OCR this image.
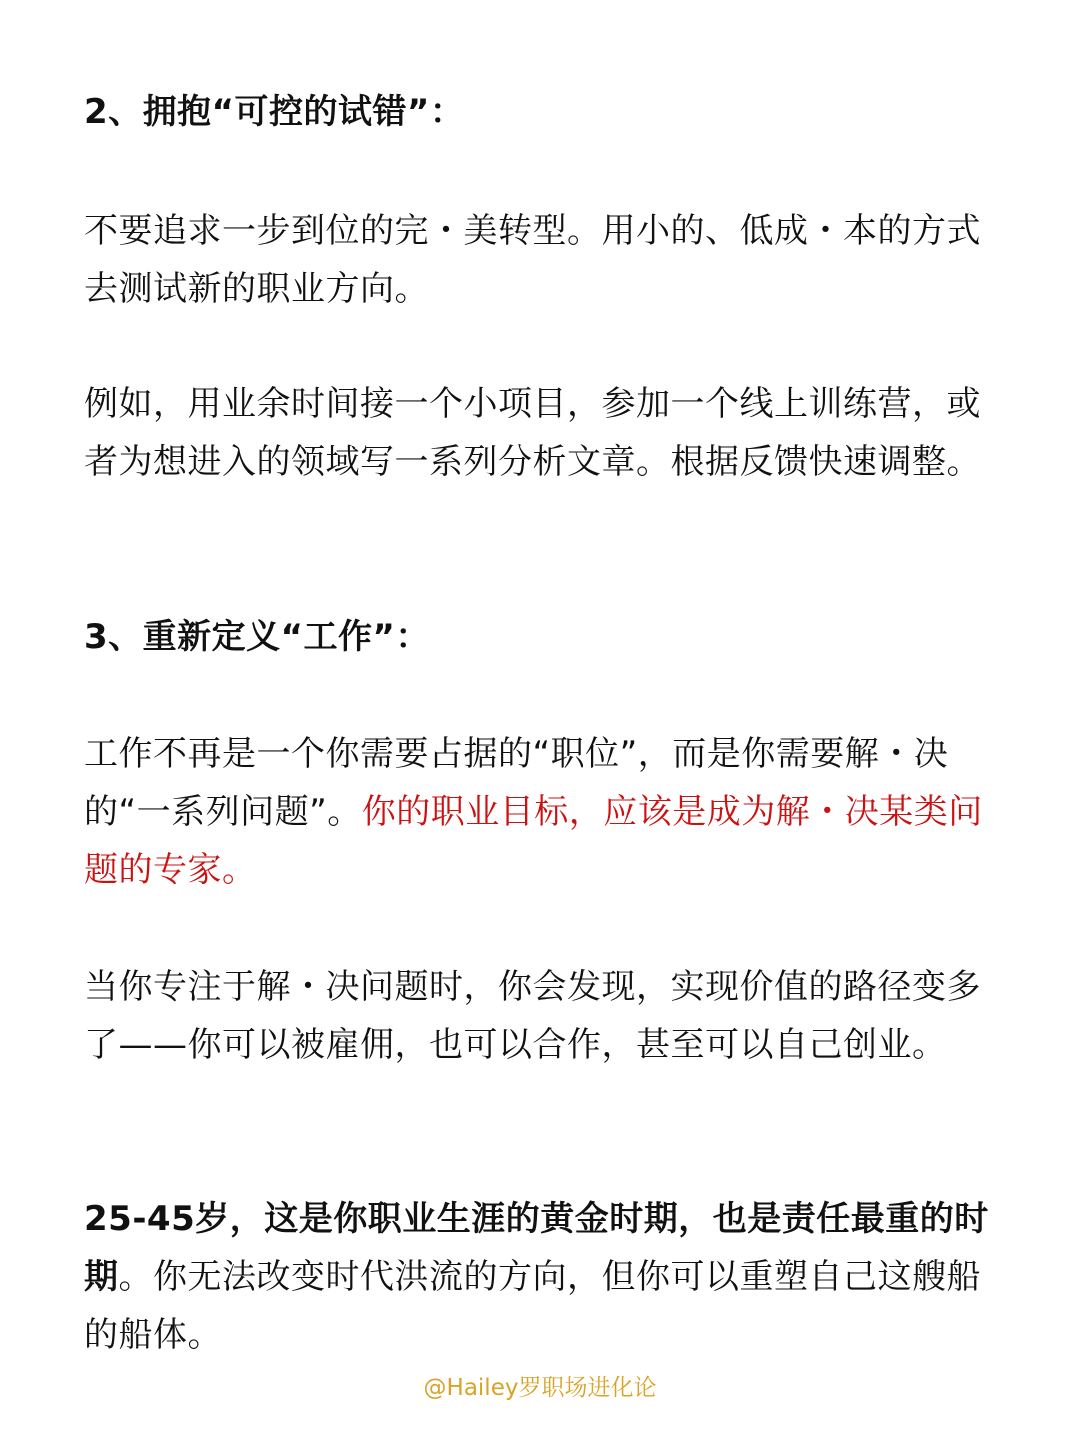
2、拥抱“可控的试错”：

不要追求一步到位的完・美转型。用小的、低成・本的方式去测试新的职业方向。

例如，用业余时间接一个小项目，参加一个线上训练营，或者为想进入的领域写一系列分析文章。根据反馈快速调整。

3、重新定义“工作”：

工作不再是一个你需要占据的“职位”，而是你需要解・决的“一系列问题”。你的职业目标，应该是成为解・决某类问题的专家。

当你专注于解・决问题时，你会发现，实现价值的路径变多了——你可以被雇佣，也可以合作，甚至可以自己创业。

25-45岁，这是你职业生涯的黄金时期，也是责任最重的时期。你无法改变时代洪流的方向，但你可以重塑自己这艘船的船体。

@Hailey罗职场进化论
